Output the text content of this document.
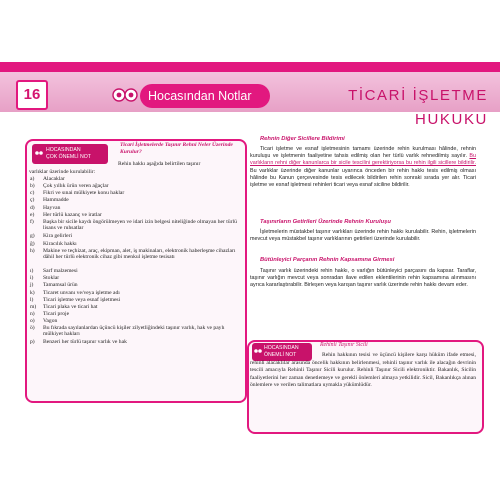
16	Hocasından Notlar	TİCARİ İŞLETME HUKUKU
HOCASINDAN
ÇOK ÖNEMLİ NOT
Ticari İşletmelerde Taşınır Rehni Neler Üzerinde Kurulur?
Rehin hakkı aşağıda belirtilen taşınır
varlıklar üzerinde kurulabilir:
a)	Alacaklar
b)	Çok yıllık ürün veren ağaçlar
c)	Fikri ve sınai mülkiyete konu haklar
ç)	Hammadde
d)	Hayvan
e)	Her türlü kazanç ve iratlar
f)	Başka bir sicile kaydı öngörülmeyen ve idari izin belgesi niteliğinde olmayan her türlü lisans ve ruhsatlar
g)	Kira gelirleri
ğ)	Kiracılık hakkı
h)	Makine ve teçhizat, araç, ekipman, alet, iş makinaları, elektronik haberleşme cihazları dâhil her türlü elektronik cihaz gibi menkul işletme tesisatı
ı)	Sarf malzemesi
i)	Stoklar
j)	Tamamsal ürün
k)	Ticaret unvanı ve/veya işletme adı
l)	Ticari işletme veya esnaf işletmesi
m)	Ticari plaka ve ticari hat
n)	Ticari proje
o)	Vagon
ö)	Bu fıkrada sayılanlardan üçüncü kişiler zilyetliğindeki taşınır varlık, hak ve paylı mülkiyet hakları
p)	Benzeri her türlü taşınır varlık ve hak
Rehnin Diğer Sicillere Bildirimi
Ticari işletme ve esnaf işletmesinin tamamı üzerinde rehin kurulması hâlinde, rehnin kuruluşu ve işletmenin faaliyetine tahsis edilmiş olan her türlü varlık rehnedilmiş sayılır. Bu varlıkların rehni diğer kanunlarca bir sicile tescilini gerektiriyorsa bu rehin ilgili sicillere bildirilir. Bu varlıklar üzerinde diğer kanunlar uyarınca önceden bir rehin hakkı tesis edilmiş olması hâlinde bu Kanun çerçevesinde tesis edilecek bildirilen rehin sonraki sırada yer alır. Ticari işletme ve esnaf işletmesi rehinleri ticari veya esnaf siciline bildirilir.
Taşınırların Getirileri Üzerinde Rehnin Kuruluşu
İşletmelerin müstakbel taşınır varlıkları üzerinde rehin hakkı kurulabilir. Rehin, işletmelerin mevcut veya müstakbel taşınır varlıklarının getirileri üzerinde kurulabilir.
Bütünleyici Parçanın Rehnin Kapsamına Girmesi
Taşınır varlık üzerindeki rehin hakkı, o varlığın bütünleyici parçasını da kapsar. Taraflar, taşınır varlığın mevcut veya sonradan ilave edilen eklentilerinin rehin kapsamına alınmasını ayrıca kararlaştırabilir. Birleşen veya karışan taşınır varlık üzerinde rehin hakkı devam eder.
HOCASINDAN
ÖNEMLİ NOT
Rehinli Taşınır Sicili
Rehin hakkının tesisi ve üçüncü kişilere karşı hüküm ifade etmesi, rehinli alacaklılar arasında öncelik hakkının belirlenmesi, rehinli taşınır varlık ile alacağın devrinin tescili amacıyla Rehinli Taşınır Sicili kurulur. Rehinli Taşınır Sicili elektroniktir. Bakanlık, Sicilin faaliyetlerini her zaman denetlemeye ve gerekli önlemleri almaya yetkilidir. Sicil, Bakanlıkça alınan önlemlere ve verilen talimatlara uymakla yükümlüdür.
